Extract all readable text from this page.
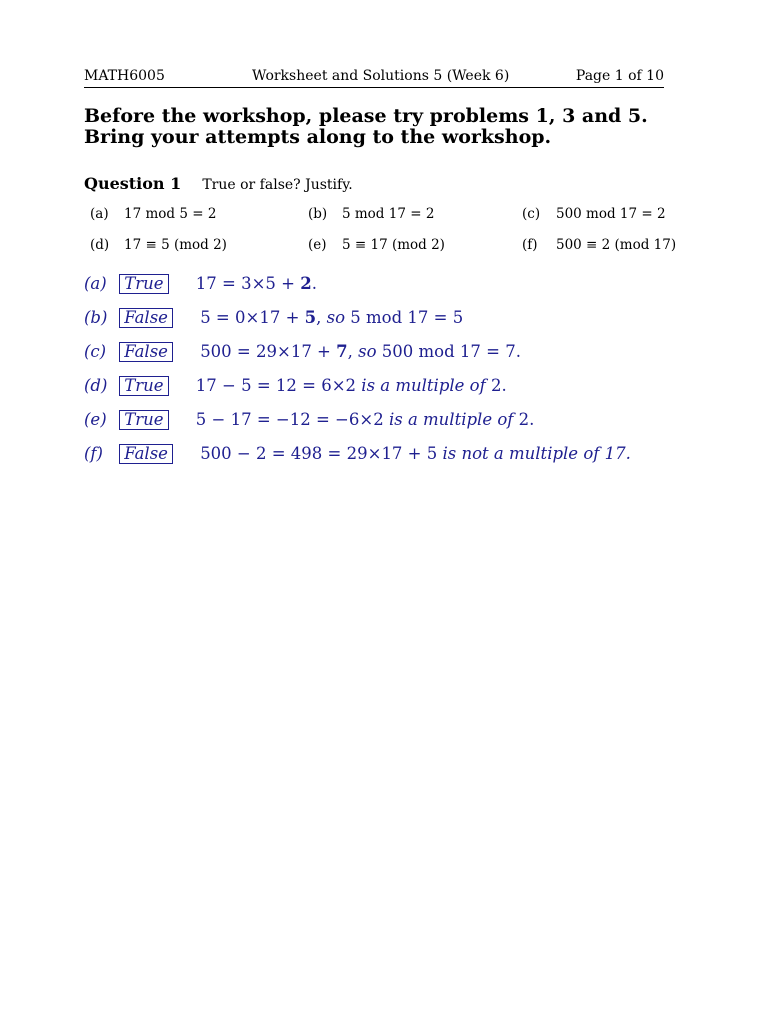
MATH6005	Worksheet and Solutions 5 (Week 6)	Page 1 of 10
Before the workshop, please try problems 1, 3 and 5. Bring your attempts along to the workshop.
Question 1 True or false? Justify.
(a) 17 mod 5 = 2	(b) 5 mod 17 = 2	(c) 500 mod 17 = 2
(d) 17 ≡ 5 (mod 2)	(e) 5 ≡ 17 (mod 2)	(f) 500 ≡ 2 (mod 17)
(a) True 17 = 3×5 + 2.
(b) False 5 = 0×17 + 5, so 5 mod 17 = 5
(c) False 500 = 29×17 + 7, so 500 mod 17 = 7.
(d) True 17 − 5 = 12 = 6×2 is a multiple of 2.
(e) True 5 − 17 = −12 = −6×2 is a multiple of 2.
(f) False 500 − 2 = 498 = 29×17 + 5 is not a multiple of 17.
